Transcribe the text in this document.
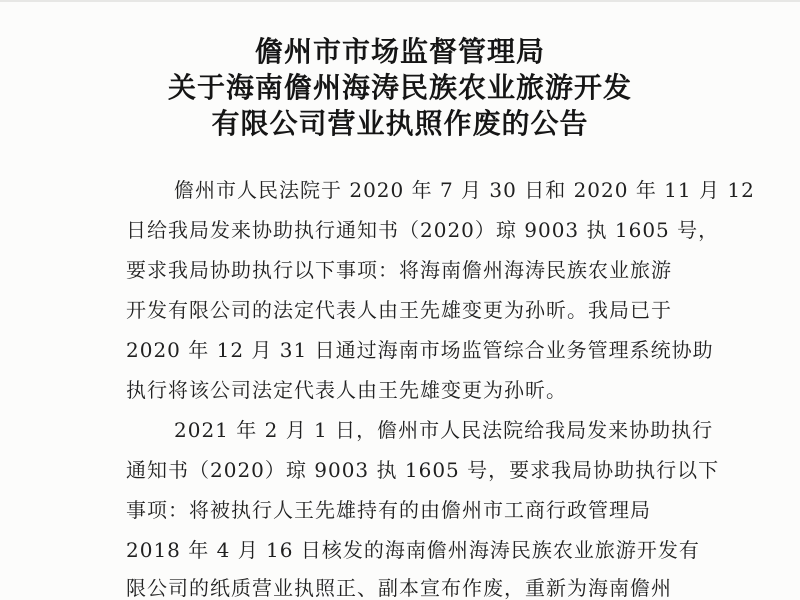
儋州市市场监督管理局
关于海南儋州海涛民族农业旅游开发
有限公司营业执照作废的公告
儋州市人民法院于 2020 年 7 月 30 日和 2020 年 11 月 12
日给我局发来协助执行通知书（2020）琼 9003 执 1605 号，
要求我局协助执行以下事项：将海南儋州海涛民族农业旅游
开发有限公司的法定代表人由王先雄变更为孙昕。我局已于
2020 年 12 月 31 日通过海南市场监管综合业务管理系统协助
执行将该公司法定代表人由王先雄变更为孙昕。
2021 年 2 月 1 日，儋州市人民法院给我局发来协助执行
通知书（2020）琼 9003 执 1605 号，要求我局协助执行以下
事项：将被执行人王先雄持有的由儋州市工商行政管理局
2018 年 4 月 16 日核发的海南儋州海涛民族农业旅游开发有
限公司的纸质营业执照正、副本宣布作废，重新为海南儋州
